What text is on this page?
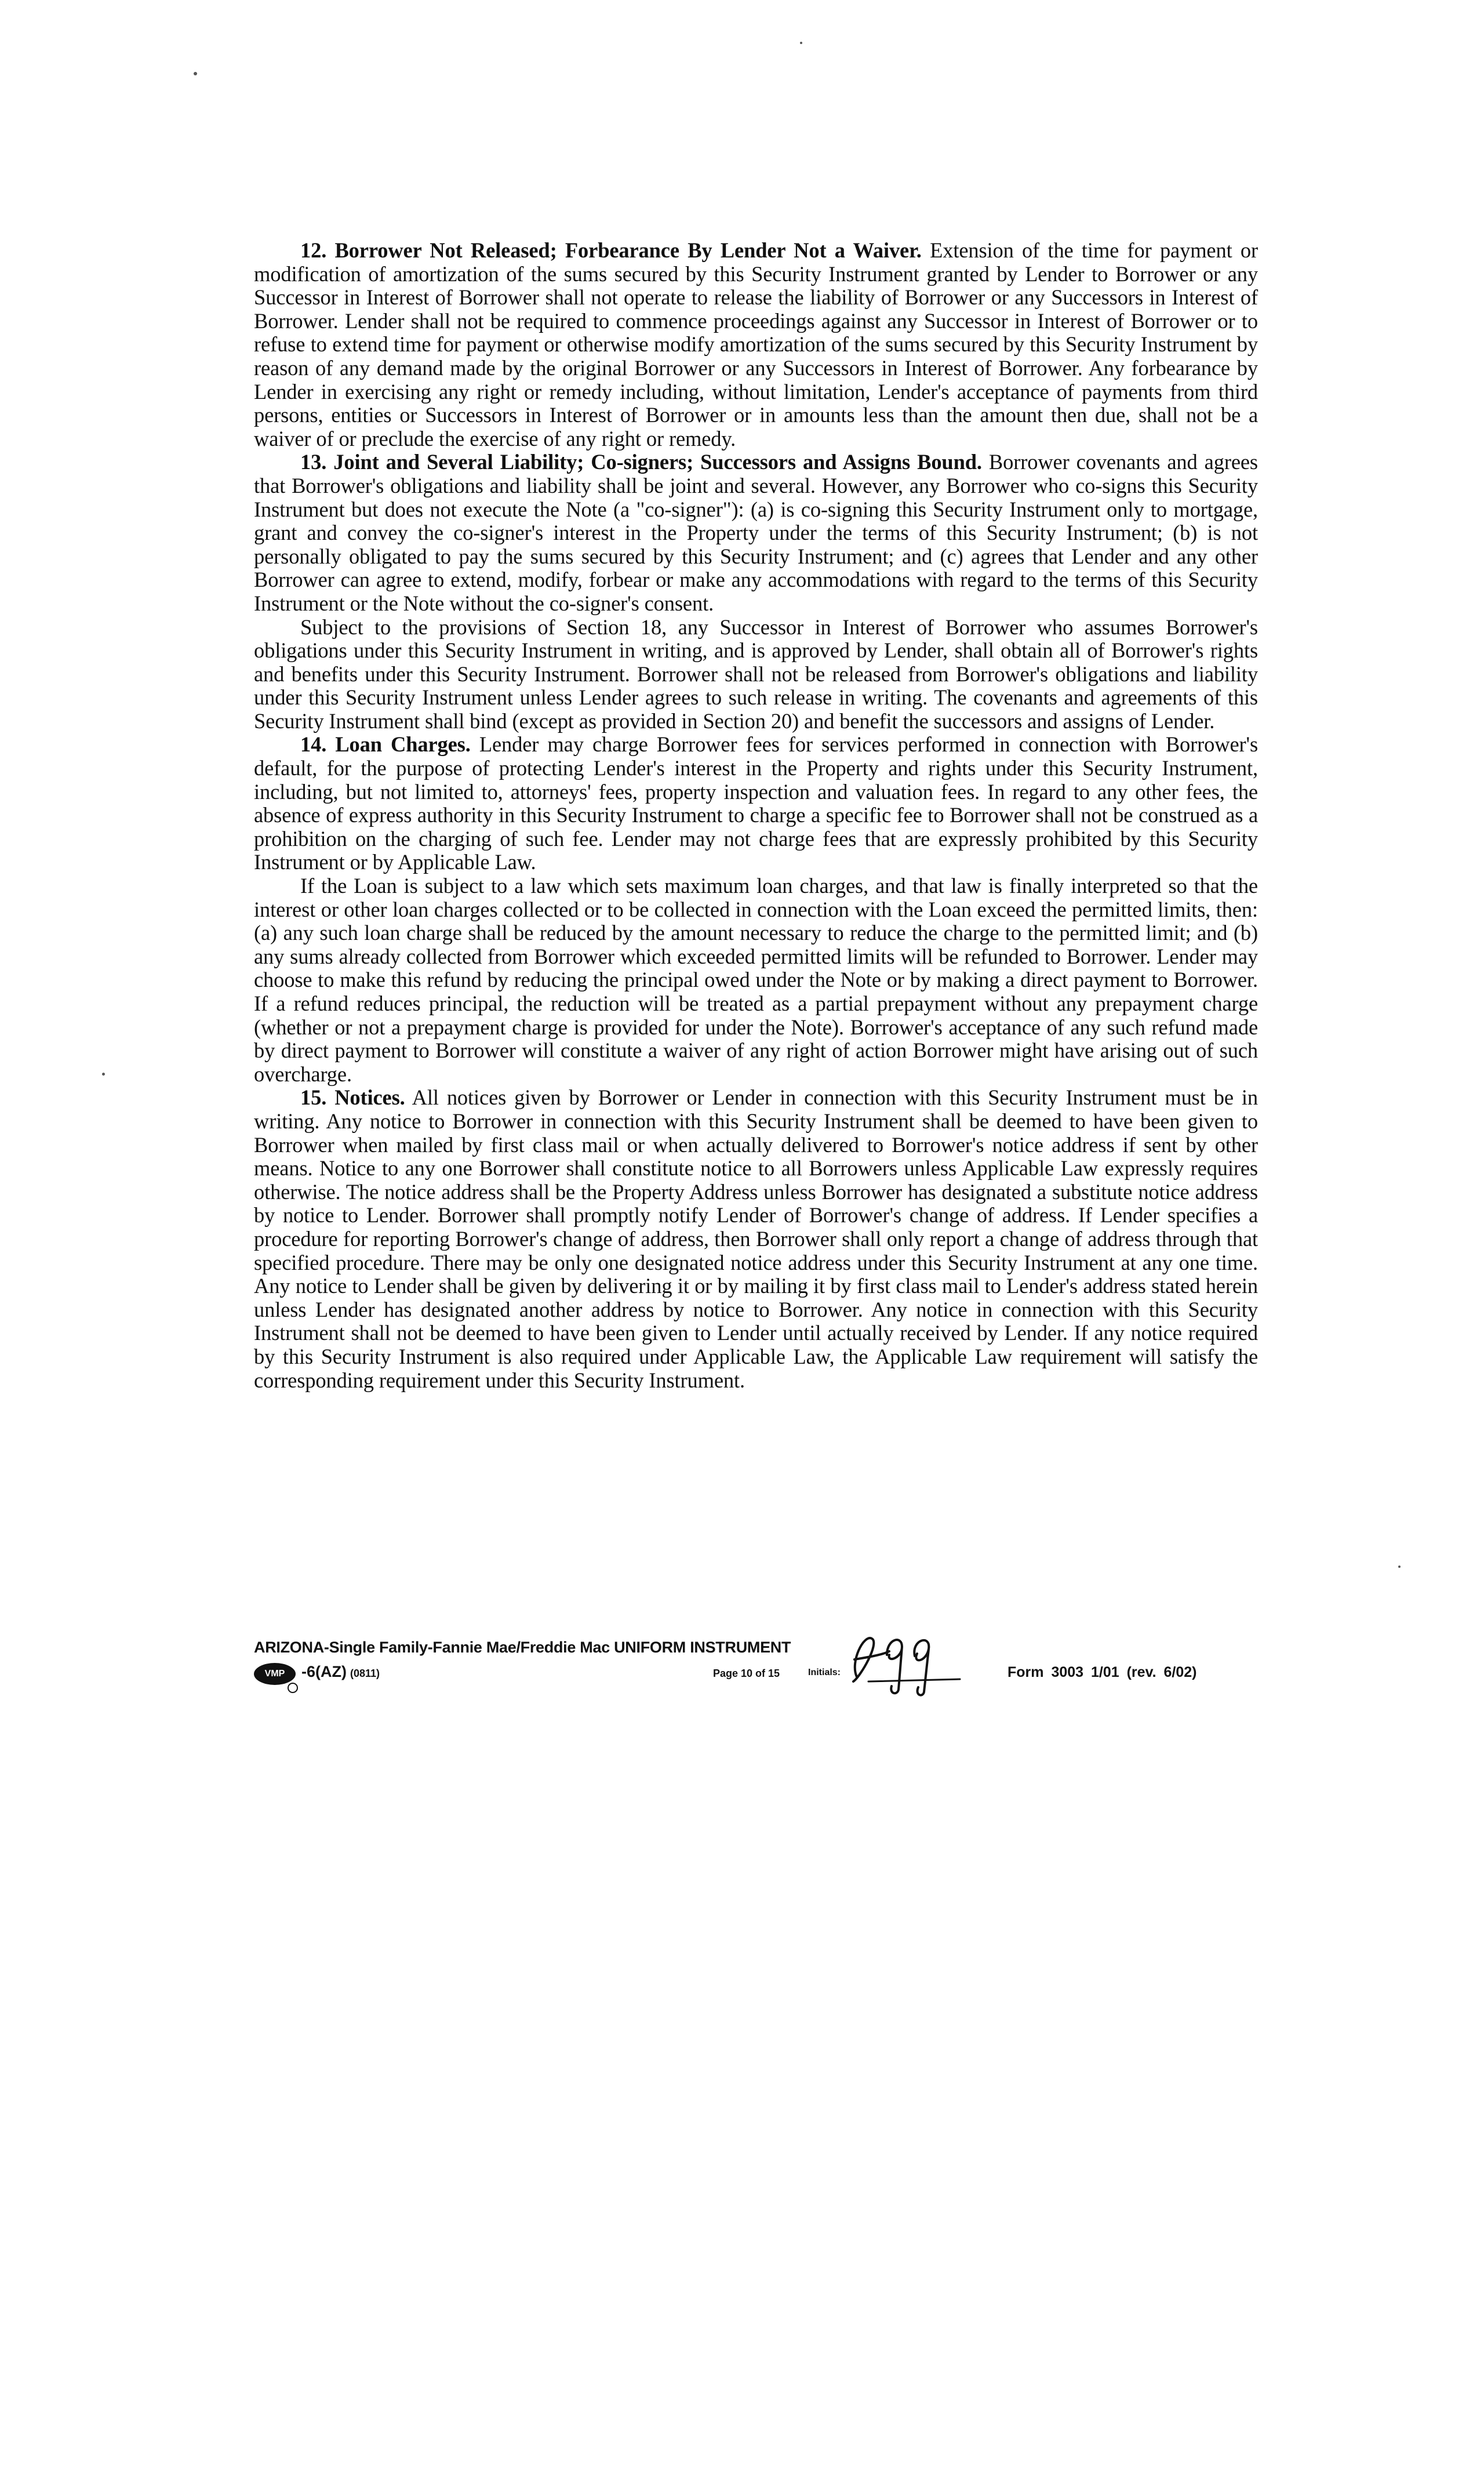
12. Borrower Not Released; Forbearance By Lender Not a Waiver. Extension of the time for payment or modification of amortization of the sums secured by this Security Instrument granted by Lender to Borrower or any Successor in Interest of Borrower shall not operate to release the liability of Borrower or any Successors in Interest of Borrower. Lender shall not be required to commence proceedings against any Successor in Interest of Borrower or to refuse to extend time for payment or otherwise modify amortization of the sums secured by this Security Instrument by reason of any demand made by the original Borrower or any Successors in Interest of Borrower. Any forbearance by Lender in exercising any right or remedy including, without limitation, Lender's acceptance of payments from third persons, entities or Successors in Interest of Borrower or in amounts less than the amount then due, shall not be a waiver of or preclude the exercise of any right or remedy.

13. Joint and Several Liability; Co-signers; Successors and Assigns Bound. Borrower covenants and agrees that Borrower's obligations and liability shall be joint and several. However, any Borrower who co-signs this Security Instrument but does not execute the Note (a "co-signer"): (a) is co-signing this Security Instrument only to mortgage, grant and convey the co-signer's interest in the Property under the terms of this Security Instrument; (b) is not personally obligated to pay the sums secured by this Security Instrument; and (c) agrees that Lender and any other Borrower can agree to extend, modify, forbear or make any accommodations with regard to the terms of this Security Instrument or the Note without the co-signer's consent.

Subject to the provisions of Section 18, any Successor in Interest of Borrower who assumes Borrower's obligations under this Security Instrument in writing, and is approved by Lender, shall obtain all of Borrower's rights and benefits under this Security Instrument. Borrower shall not be released from Borrower's obligations and liability under this Security Instrument unless Lender agrees to such release in writing. The covenants and agreements of this Security Instrument shall bind (except as provided in Section 20) and benefit the successors and assigns of Lender.

14. Loan Charges. Lender may charge Borrower fees for services performed in connection with Borrower's default, for the purpose of protecting Lender's interest in the Property and rights under this Security Instrument, including, but not limited to, attorneys' fees, property inspection and valuation fees. In regard to any other fees, the absence of express authority in this Security Instrument to charge a specific fee to Borrower shall not be construed as a prohibition on the charging of such fee. Lender may not charge fees that are expressly prohibited by this Security Instrument or by Applicable Law.

If the Loan is subject to a law which sets maximum loan charges, and that law is finally interpreted so that the interest or other loan charges collected or to be collected in connection with the Loan exceed the permitted limits, then: (a) any such loan charge shall be reduced by the amount necessary to reduce the charge to the permitted limit; and (b) any sums already collected from Borrower which exceeded permitted limits will be refunded to Borrower. Lender may choose to make this refund by reducing the principal owed under the Note or by making a direct payment to Borrower. If a refund reduces principal, the reduction will be treated as a partial prepayment without any prepayment charge (whether or not a prepayment charge is provided for under the Note). Borrower's acceptance of any such refund made by direct payment to Borrower will constitute a waiver of any right of action Borrower might have arising out of such overcharge.

15. Notices. All notices given by Borrower or Lender in connection with this Security Instrument must be in writing. Any notice to Borrower in connection with this Security Instrument shall be deemed to have been given to Borrower when mailed by first class mail or when actually delivered to Borrower's notice address if sent by other means. Notice to any one Borrower shall constitute notice to all Borrowers unless Applicable Law expressly requires otherwise. The notice address shall be the Property Address unless Borrower has designated a substitute notice address by notice to Lender. Borrower shall promptly notify Lender of Borrower's change of address. If Lender specifies a procedure for reporting Borrower's change of address, then Borrower shall only report a change of address through that specified procedure. There may be only one designated notice address under this Security Instrument at any one time. Any notice to Lender shall be given by delivering it or by mailing it by first class mail to Lender's address stated herein unless Lender has designated another address by notice to Borrower. Any notice in connection with this Security Instrument shall not be deemed to have been given to Lender until actually received by Lender. If any notice required by this Security Instrument is also required under Applicable Law, the Applicable Law requirement will satisfy the corresponding requirement under this Security Instrument.

ARIZONA-Single Family-Fannie Mae/Freddie Mac UNIFORM INSTRUMENT
VMP	-6(AZ) (0811)	Page 10 of 15	Initials:	Form 3003 1/01 (rev. 6/02)
